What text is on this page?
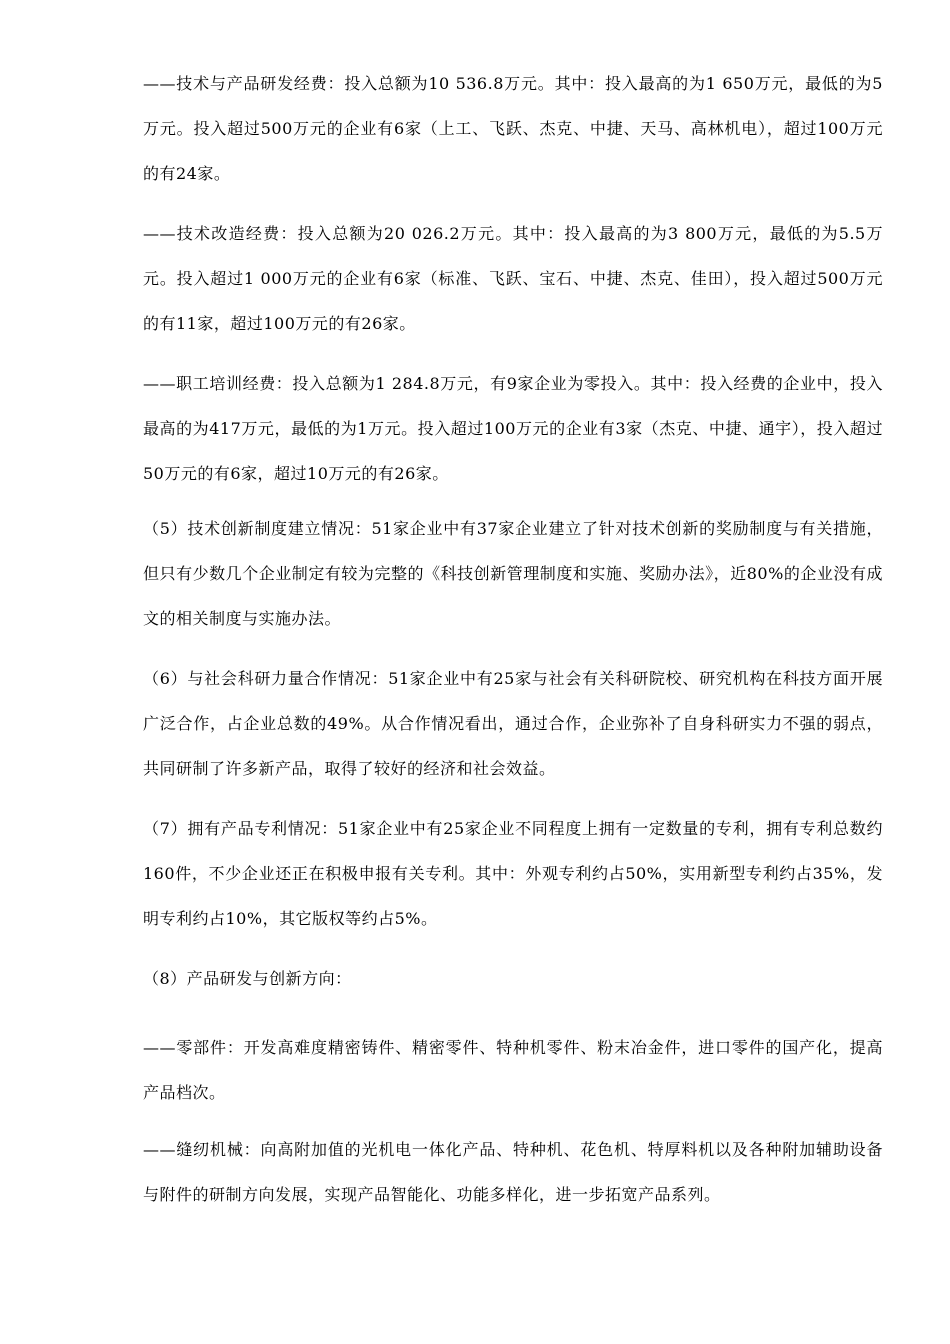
——技术与产品研发经费：投入总额为10 536.8万元。其中：投入最高的为1 650万元，最低的为5万元。投入超过500万元的企业有6家（上工、飞跃、杰克、中捷、天马、高林机电），超过100万元的有24家。

——技术改造经费：投入总额为20 026.2万元。其中：投入最高的为3 800万元，最低的为5.5万元。投入超过1 000万元的企业有6家（标准、飞跃、宝石、中捷、杰克、佳田），投入超过500万元的有11家，超过100万元的有26家。

——职工培训经费：投入总额为1 284.8万元，有9家企业为零投入。其中：投入经费的企业中，投入最高的为417万元，最低的为1万元。投入超过100万元的企业有3家（杰克、中捷、通宇），投入超过50万元的有6家，超过10万元的有26家。

（5）技术创新制度建立情况：51家企业中有37家企业建立了针对技术创新的奖励制度与有关措施，但只有少数几个企业制定有较为完整的《科技创新管理制度和实施、奖励办法》，近80%的企业没有成文的相关制度与实施办法。

（6）与社会科研力量合作情况：51家企业中有25家与社会有关科研院校、研究机构在科技方面开展广泛合作，占企业总数的49%。从合作情况看出，通过合作，企业弥补了自身科研实力不强的弱点，共同研制了许多新产品，取得了较好的经济和社会效益。

（7）拥有产品专利情况：51家企业中有25家企业不同程度上拥有一定数量的专利，拥有专利总数约160件，不少企业还正在积极申报有关专利。其中：外观专利约占50%，实用新型专利约占35%，发明专利约占10%，其它版权等约占5%。

（8）产品研发与创新方向：

——零部件：开发高难度精密铸件、精密零件、特种机零件、粉末冶金件，进口零件的国产化，提高产品档次。

——缝纫机械：向高附加值的光机电一体化产品、特种机、花色机、特厚料机以及各种附加辅助设备与附件的研制方向发展，实现产品智能化、功能多样化，进一步拓宽产品系列。
